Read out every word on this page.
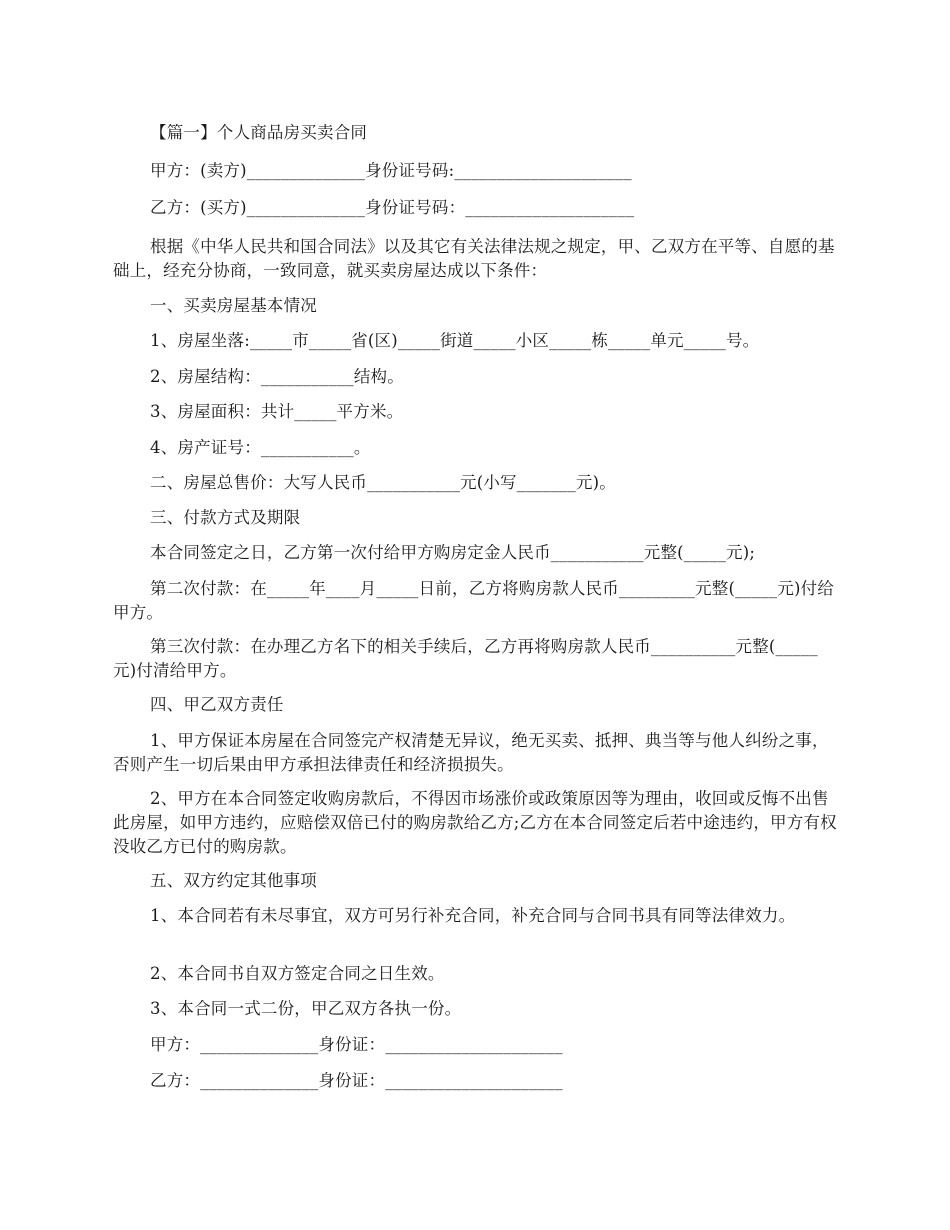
【篇一】个人商品房买卖合同

甲方：(卖方)______________身份证号码:_____________________

乙方：(买方)______________身份证号码：____________________

根据《中华人民共和国合同法》以及其它有关法律法规之规定，甲、乙双方在平等、自愿的基础上，经充分协商，一致同意，就买卖房屋达成以下条件：

一、买卖房屋基本情况

1、房屋坐落:_____市_____省(区)_____街道_____小区_____栋_____单元_____号。

2、房屋结构：___________结构。

3、房屋面积：共计_____平方米。

4、房产证号：___________。

二、房屋总售价：大写人民币___________元(小写_______元)。

三、付款方式及期限

本合同签定之日，乙方第一次付给甲方购房定金人民币___________元整(_____元);

第二次付款：在_____年____月_____日前，乙方将购房款人民币_________元整(_____元)付给甲方。

第三次付款：在办理乙方名下的相关手续后，乙方再将购房款人民币__________元整(_____元)付清给甲方。

四、甲乙双方责任

1、甲方保证本房屋在合同签完产权清楚无异议，绝无买卖、抵押、典当等与他人纠纷之事，否则产生一切后果由甲方承担法律责任和经济损损失。

2、甲方在本合同签定收购房款后，不得因市场涨价或政策原因等为理由，收回或反悔不出售此房屋，如甲方违约，应赔偿双倍已付的购房款给乙方;乙方在本合同签定后若中途违约，甲方有权没收乙方已付的购房款。

五、双方约定其他事项

1、本合同若有未尽事宜，双方可另行补充合同，补充合同与合同书具有同等法律效力。

2、本合同书自双方签定合同之日生效。

3、本合同一式二份，甲乙双方各执一份。

甲方：______________身份证：_____________________

乙方：______________身份证：_____________________
